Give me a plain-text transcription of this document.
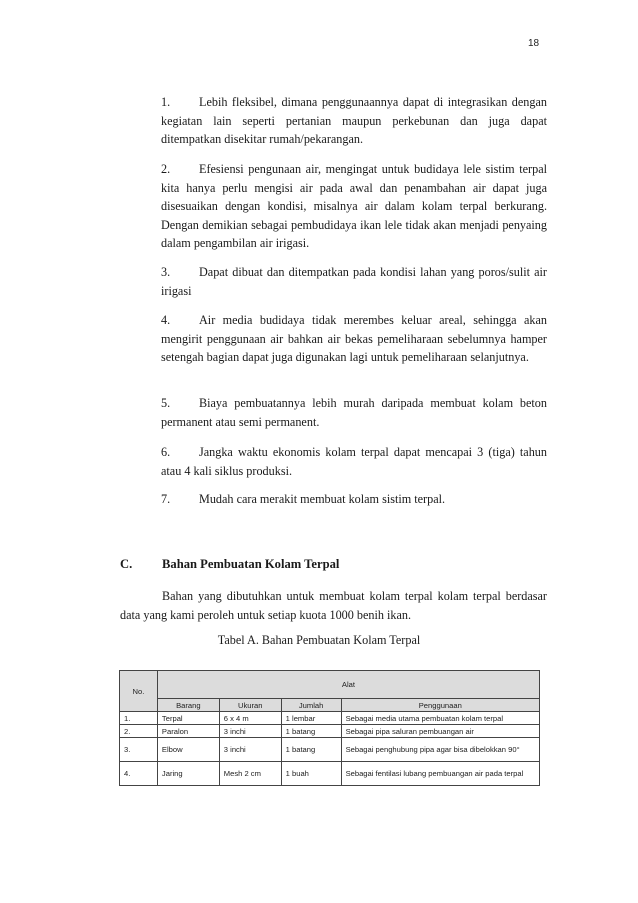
18
1. Lebih fleksibel, dimana penggunaannya dapat di integrasikan dengan kegiatan lain seperti pertanian maupun perkebunan dan juga dapat ditempatkan disekitar rumah/pekarangan.
2. Efesiensi pengunaan air, mengingat untuk budidaya lele sistim terpal kita hanya perlu mengisi air pada awal dan penambahan air dapat juga disesuaikan dengan kondisi, misalnya air dalam kolam terpal berkurang. Dengan demikian sebagai pembudidaya ikan lele tidak akan menjadi penyaing dalam pengambilan air irigasi.
3. Dapat dibuat dan ditempatkan pada kondisi lahan yang poros/sulit air irigasi
4. Air media budidaya tidak merembes keluar areal, sehingga akan mengirit penggunaan air bahkan air bekas pemeliharaan sebelumnya hamper setengah bagian dapat juga digunakan lagi untuk pemeliharaan selanjutnya.
5. Biaya pembuatannya lebih murah daripada membuat kolam beton permanent atau semi permanent.
6. Jangka waktu ekonomis kolam terpal dapat mencapai 3 (tiga) tahun atau 4 kali siklus produksi.
7. Mudah cara merakit membuat kolam sistim terpal.
C. Bahan Pembuatan Kolam Terpal
Bahan yang dibutuhkan untuk membuat kolam terpal kolam terpal berdasar data yang kami peroleh untuk setiap kuota 1000 benih ikan.
Tabel A. Bahan Pembuatan Kolam Terpal
No.	Alat			
	Barang	Ukuran	Jumlah	Penggunaan
1.	Terpal	6 x 4 m	1 lembar	Sebagai media utama pembuatan kolam terpal
2.	Paralon	3 inchi	1 batang	Sebagai pipa saluran pembuangan air
3.	Elbow	3 inchi	1 batang	Sebagai penghubung pipa agar bisa dibelokkan 90°
4.	Jaring	Mesh 2 cm	1 buah	Sebagai fentilasi lubang pembuangan air pada terpal
